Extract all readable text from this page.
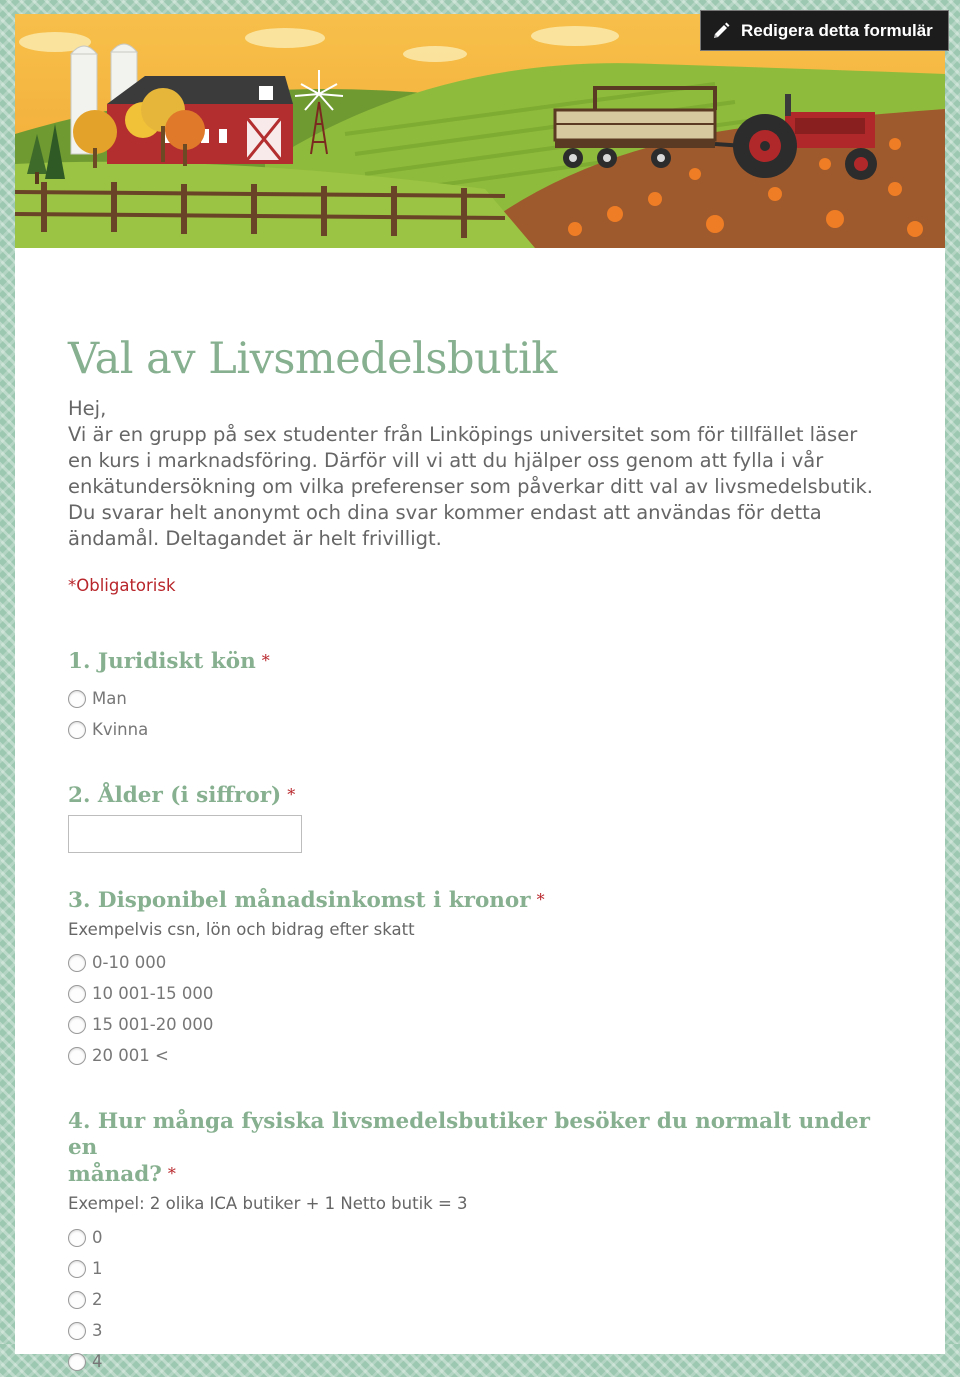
Val av Livsmedelsbutik
Hej,
Vi är en grupp på sex studenter från Linköpings universitet som för tillfället läser
en kurs i marknadsföring. Därför vill vi att du hjälper oss genom att fylla i vår
enkätundersökning om vilka preferenser som påverkar ditt val av livsmedelsbutik.
Du svarar helt anonymt och dina svar kommer endast att användas för detta
ändamål. Deltagandet är helt frivilligt.
*Obligatorisk
1. Juridiskt kön *
Man
Kvinna
2. Ålder (i siffror) *
3. Disponibel månadsinkomst i kronor *
Exempelvis csn, lön och bidrag efter skatt
0-10 000
10 001-15 000
15 001-20 000
20 001 <
4. Hur många fysiska livsmedelsbutiker besöker du normalt under en
månad? *
Exempel: 2 olika ICA butiker + 1 Netto butik = 3
0
1
2
3
4
Redigera detta formulär
